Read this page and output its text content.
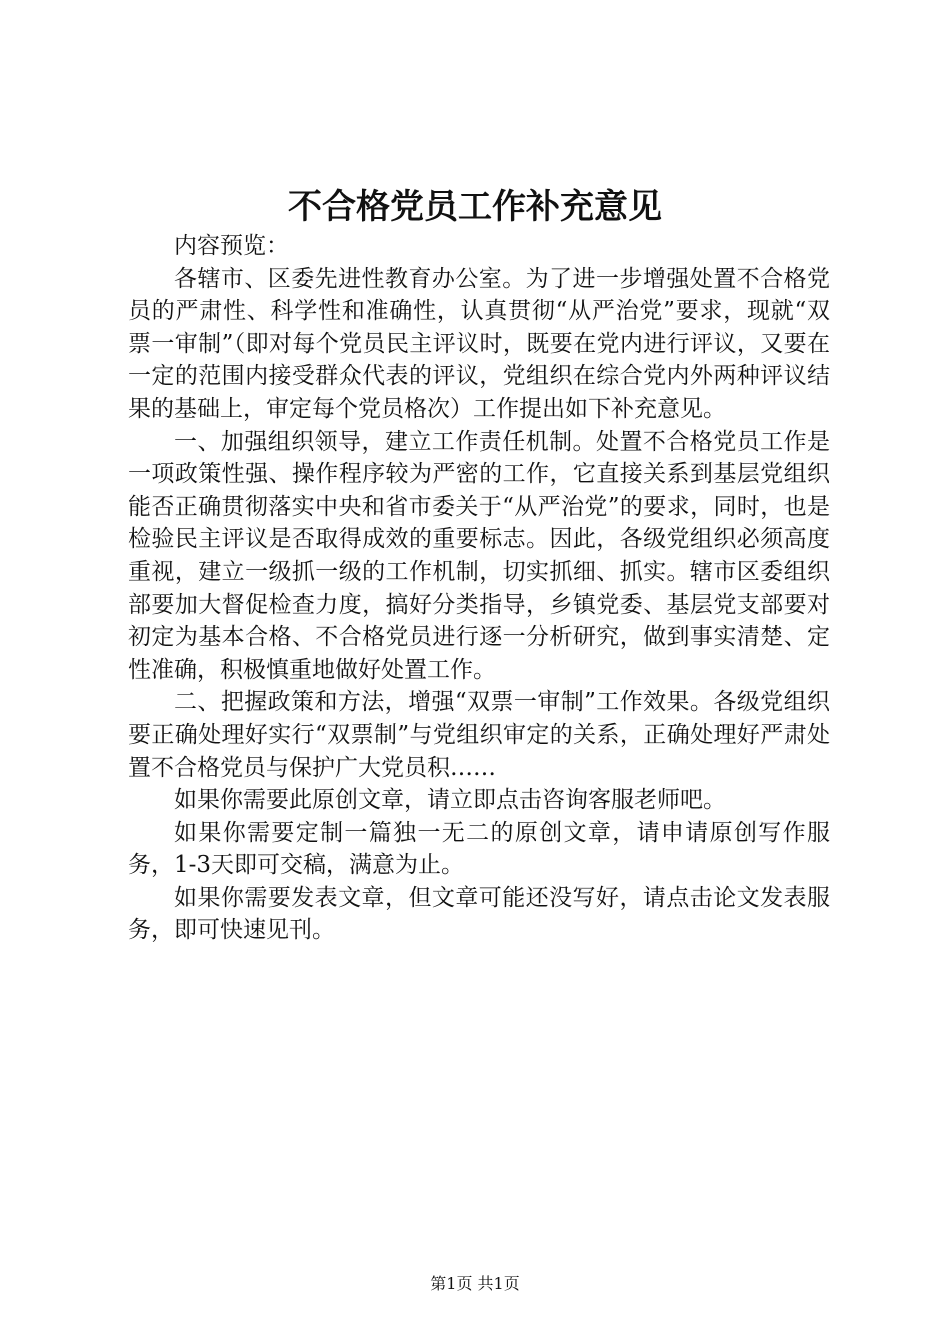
不合格党员工作补充意见

内容预览：

各辖市、区委先进性教育办公室。为了进一步增强处置不合格党员的严肃性、科学性和准确性，认真贯彻“从严治党”要求，现就“双票一审制”（即对每个党员民主评议时，既要在党内进行评议，又要在一定的范围内接受群众代表的评议，党组织在综合党内外两种评议结果的基础上，审定每个党员格次）工作提出如下补充意见。

一、加强组织领导，建立工作责任机制。处置不合格党员工作是一项政策性强、操作程序较为严密的工作，它直接关系到基层党组织能否正确贯彻落实中央和省市委关于“从严治党”的要求，同时，也是检验民主评议是否取得成效的重要标志。因此，各级党组织必须高度重视，建立一级抓一级的工作机制，切实抓细、抓实。辖市区委组织部要加大督促检查力度，搞好分类指导，乡镇党委、基层党支部要对初定为基本合格、不合格党员进行逐一分析研究，做到事实清楚、定性准确，积极慎重地做好处置工作。

二、把握政策和方法，增强“双票一审制”工作效果。各级党组织要正确处理好实行“双票制”与党组织审定的关系，正确处理好严肃处置不合格党员与保护广大党员积……

如果你需要此原创文章，请立即点击咨询客服老师吧。

如果你需要定制一篇独一无二的原创文章，请申请原创写作服务，1-3天即可交稿，满意为止。

如果你需要发表文章，但文章可能还没写好，请点击论文发表服务，即可快速见刊。

第1页 共1页
